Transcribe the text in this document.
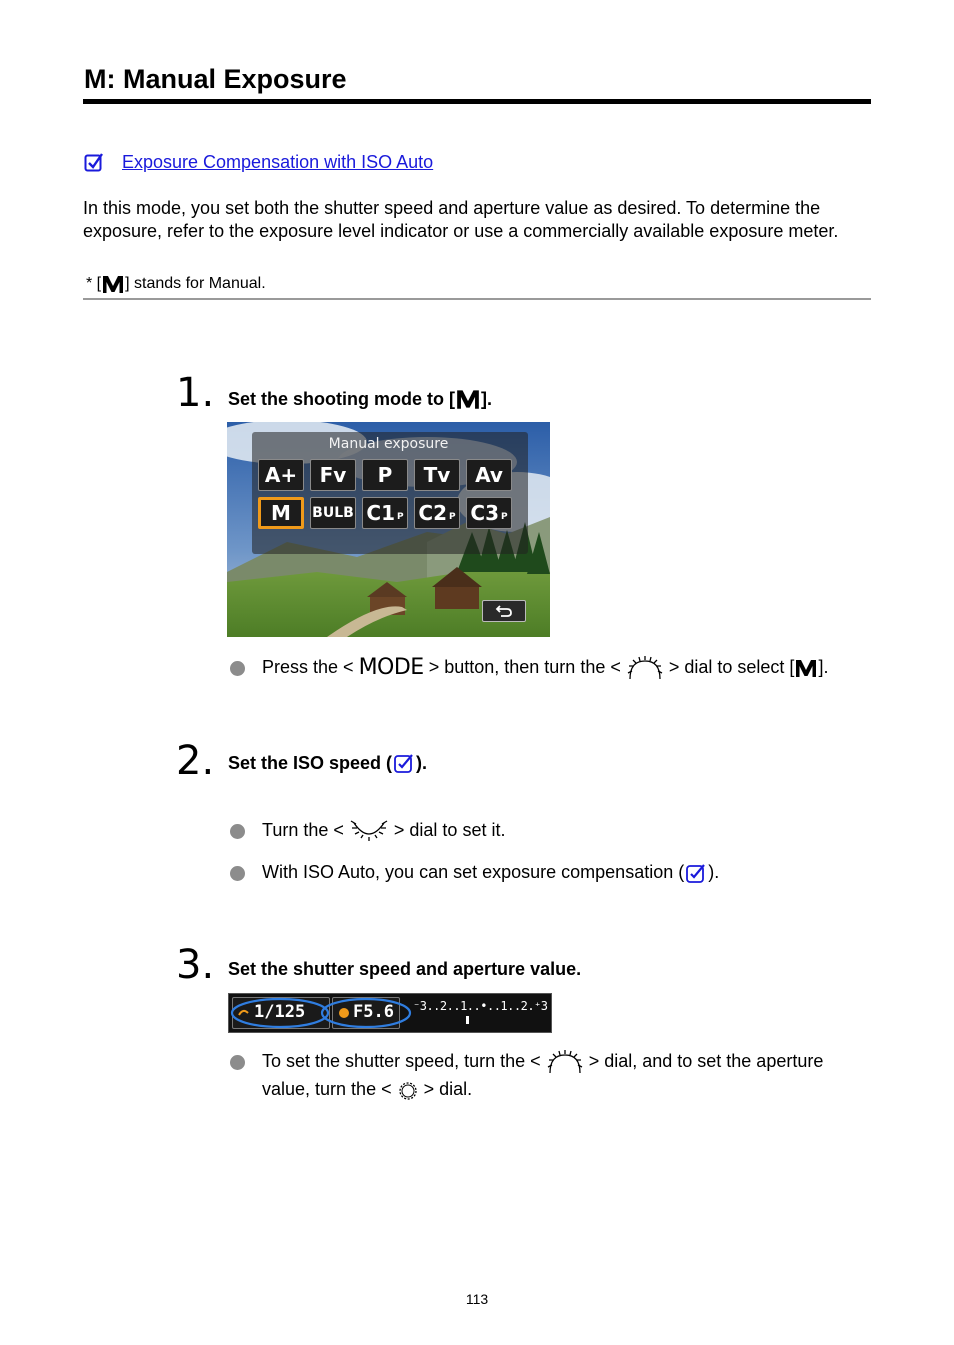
M: Manual Exposure
Exposure Compensation with ISO Auto
In this mode, you set both the shutter speed and aperture value as desired. To determine the exposure, refer to the exposure level indicator or use a commercially available exposure meter.
* [ ] stands for Manual.
1. Set the shooting mode to [ ].
Manual exposure
A+ Fv P Tv Av
M BULB C1 P C2 P C3 P
Press the < MODE > button, then turn the <  > dial to select [ ].
2. Set the ISO speed ( ).
Turn the <  > dial to set it.
With ISO Auto, you can set exposure compensation ( ).
3. Set the shutter speed and aperture value.
1/125	F5.6 ⁻3..2..1..•..1..2.⁺3
To set the shutter speed, turn the <  > dial, and to set the aperture value, turn the <  > dial.
113
